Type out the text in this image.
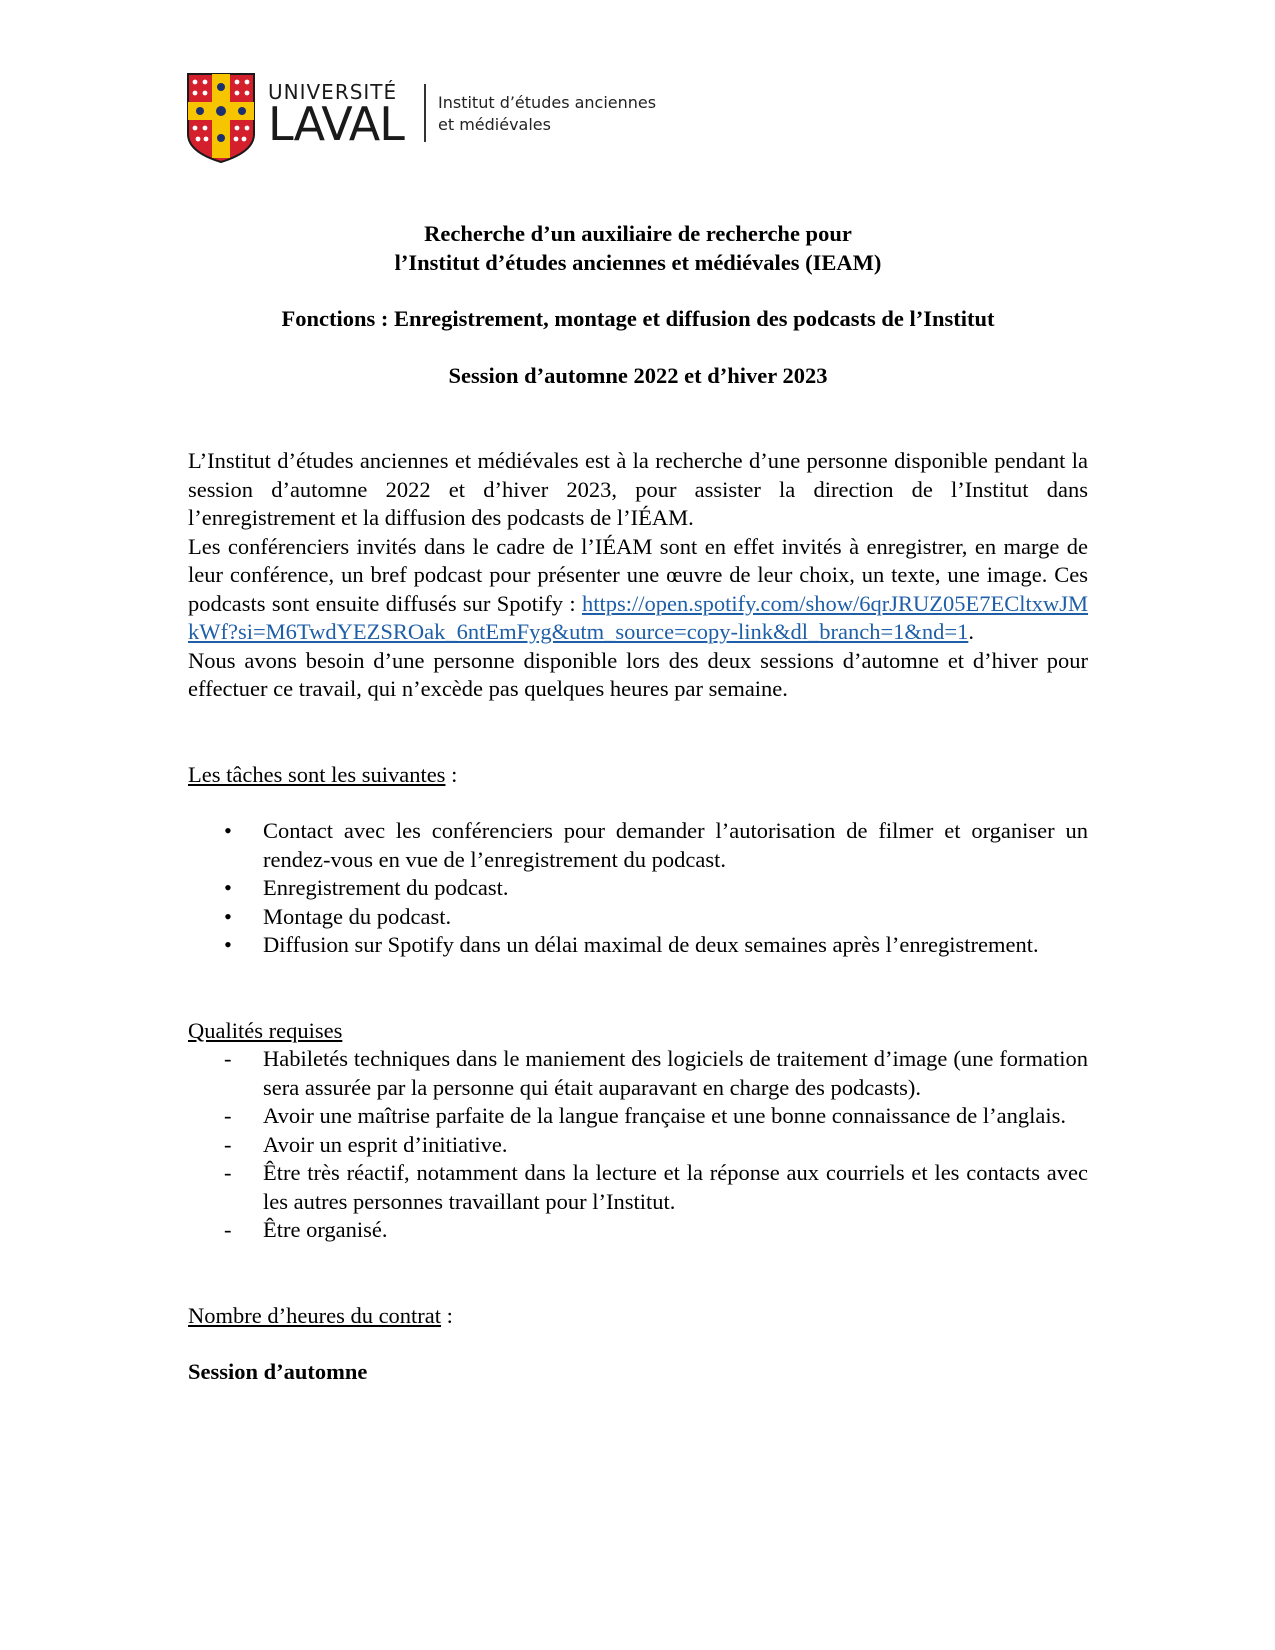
UNIVERSITÉ
LAVAL Institut d’études anciennes
et médiévales

Recherche d’un auxiliaire de recherche pour

l’Institut d’études anciennes et médiévales (IEAM)

Fonctions : Enregistrement, montage et diffusion des podcasts de l’Institut

Session d’automne 2022 et d’hiver 2023

L’Institut d’études anciennes et médiévales est à la recherche d’une personne disponible pendant la session d’automne 2022 et d’hiver 2023, pour assister la direction de l’Institut dans l’enregistrement et la diffusion des podcasts de l’IÉAM.

Les conférenciers invités dans le cadre de l’IÉAM sont en effet invités à enregistrer, en marge de leur conférence, un bref podcast pour présenter une œuvre de leur choix, un texte, une image. Ces podcasts sont ensuite diffusés sur Spotify : https://open.spotify.com/show/6qrJRUZ05E7ECltxwJMkWf?si=M6TwdYEZSROak_6ntEmFyg&utm_source=copy-link&dl_branch=1&nd=1.

Nous avons besoin d’une personne disponible lors des deux sessions d’automne et d’hiver pour effectuer ce travail, qui n’excède pas quelques heures par semaine.

Les tâches sont les suivantes :

• Contact avec les conférenciers pour demander l’autorisation de filmer et organiser un rendez-vous en vue de l’enregistrement du podcast.
• Enregistrement du podcast.
• Montage du podcast.
• Diffusion sur Spotify dans un délai maximal de deux semaines après l’enregistrement.

Qualités requises

- Habiletés techniques dans le maniement des logiciels de traitement d’image (une formation sera assurée par la personne qui était auparavant en charge des podcasts).
- Avoir une maîtrise parfaite de la langue française et une bonne connaissance de l’anglais.
- Avoir un esprit d’initiative.
- Être très réactif, notamment dans la lecture et la réponse aux courriels et les contacts avec les autres personnes travaillant pour l’Institut.
- Être organisé.

Nombre d’heures du contrat :

Session d’automne
